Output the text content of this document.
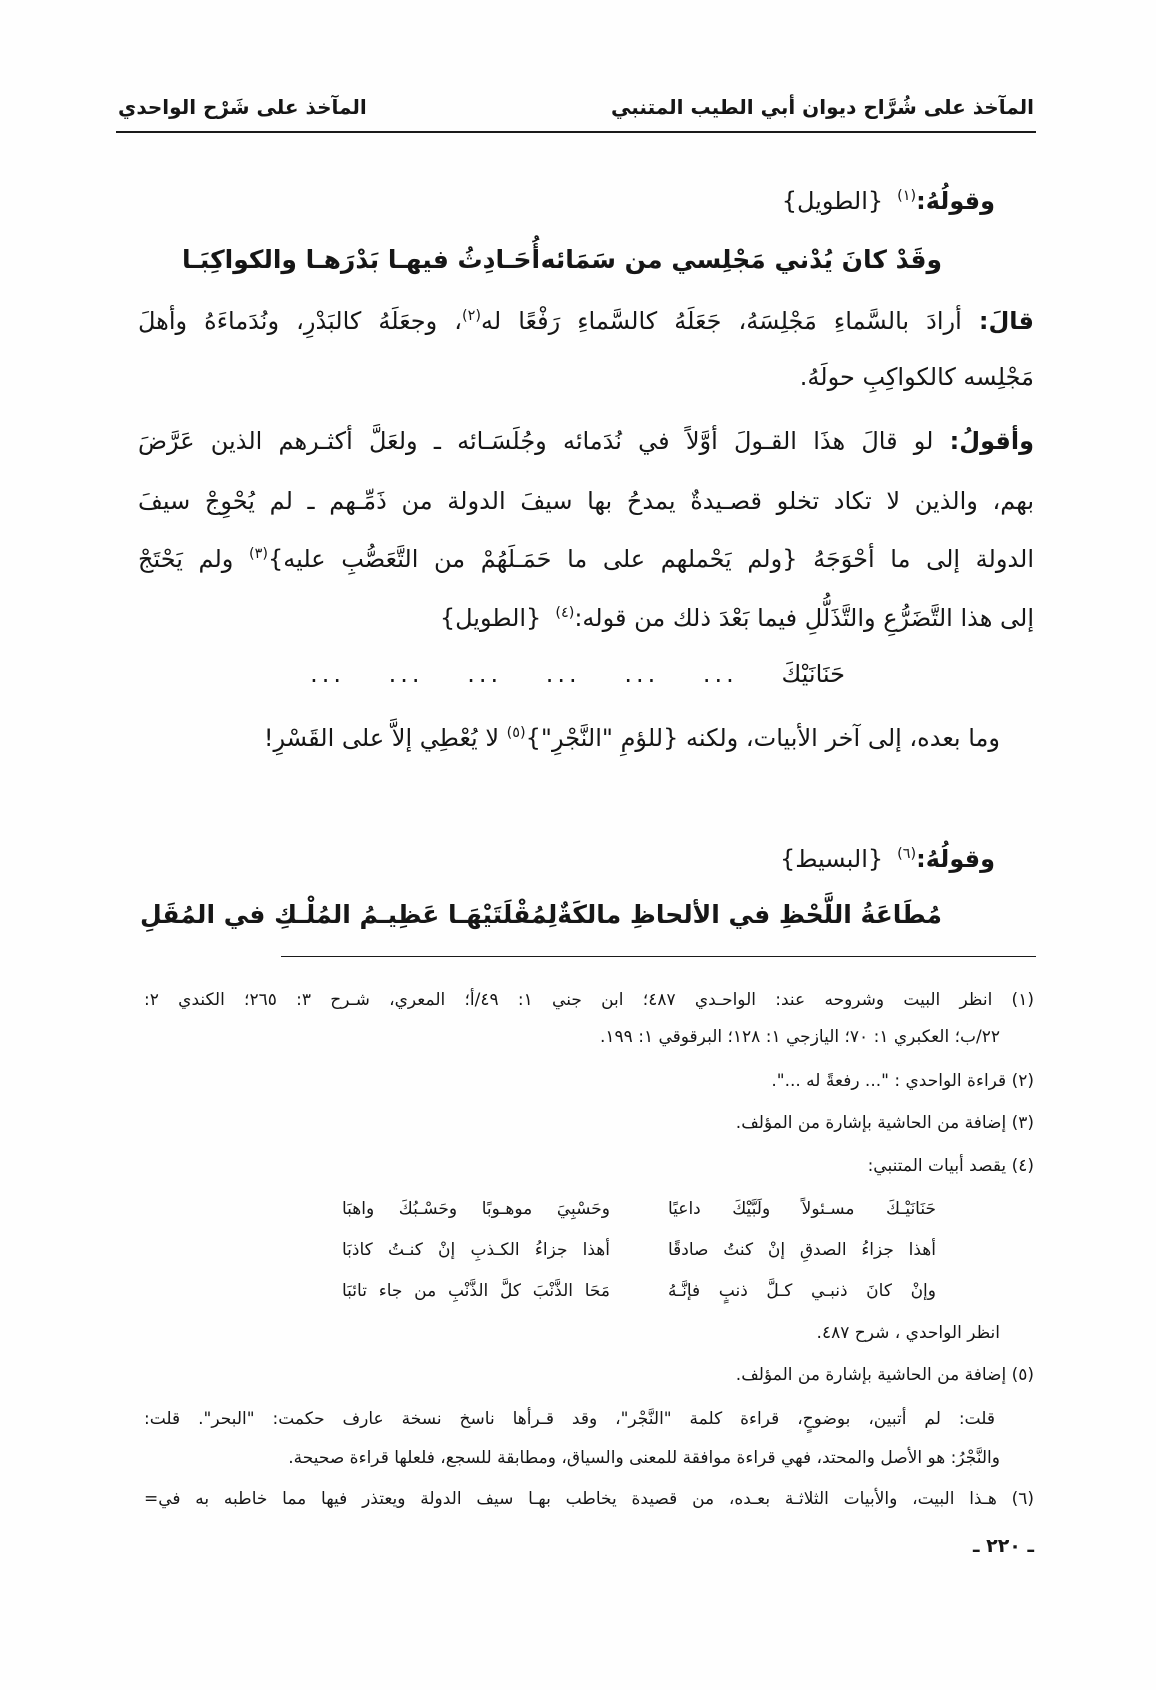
المآخذ على شُرَّاح ديوان أبي الطيب المتنبي
المآخذ على شَرْح الواحدي
وقولُهُ:$^{(١)}${الطويل}
وقَدْ كانَ يُدْني مَجْلِسي من سَمَائه
أُحَـادِثُ فيهـا بَدْرَهـا والكواكِبَـا
قالَ: أرادَ بالسَّماءِ مَجْلِسَهُ، جَعَلَهُ كالسَّماءِ رَفْعًا له$^{(٢)}$، وجعَلَهُ كالبَدْرِ، ونُدَماءَهُ وأهلَ
مَجْلِسه كالكواكِبِ حولَهُ.
وأقولُ: لو قالَ هذَا القـولَ أوَّلاً في نُدَمائه وجُلَسَـائه ـ ولعَلَّ أكثـرهم الذين عَرَّضَ
بهم، والذين لا تكاد تخلو قصـيدةٌ يمدحُ بها سيفَ الدولة من ذَمِّـهم ـ لم يُحْوِجْ سيفَ
الدولة إلى ما أحْوَجَهُ {ولم يَحْملهم على ما حَمَـلَهُمْ من التَّعَصُّبِ عليه}$^{(٣)}$ ولم يَحْتَجْ
إلى هذا التَّضَرُّعِ والتَّذَلُّلِ فيما بَعْدَ ذلك من قوله:$^{(٤)}${الطويل}
حَنَانَيْكَ
...
...
...
...
...
...
وما بعده، إلى آخر الأبيات، ولكنه {للؤمِ "النَّجْرِ"}$^{(٥)}$ لا يُعْطِي إلاَّ على القَسْرِ!
وقولُهُ:$^{(٦)}${البسيط}
مُطَاعَةُ اللَّحْظِ في الألحاظِ مالكَةٌ
لِمُقْلَتَيْهَـا عَظِيـمُ المُلْـكِ في المُقَلِ
(١) انظر البيت وشروحه عند: الواحـدي ٤٨٧؛ ابن جني ١: ٤٩/أ؛ المعري، شـرح ٣: ٢٦٥؛ الكندي ٢:
٢٢/ب؛ العكبري ١: ٧٠؛ اليازجي ١: ١٢٨؛ البرقوقي ١: ١٩٩.
(٢) قراءة الواحدي : "... رفعةً له ...".
(٣) إضافة من الحاشية بإشارة من المؤلف.
(٤) يقصد أبيات المتنبي:
حَنَانَيْـكَ مسـئولاً ولَبَّيْكَ داعيًا
وحَسْبِيَ موهـوبًا وحَسْـبُكَ واهبَا
أهذا جزاءُ الصدقِ إنْ كنتُ صادقًا
أهذا جزاءُ الكـذبِ إنْ كنـتُ كاذبَا
وإنْ كانَ ذنبـي كـلَّ ذنبٍ فإنَّـهُ
مَحَا الذَّنْبَ كلَّ الذَّنْبِ من جاء تائبَا
انظر الواحدي ، شرح ٤٨٧.
(٥) إضافة من الحاشية بإشارة من المؤلف.
قلت: لم أتبين، بوضوحٍ، قراءة كلمة "النَّجْر"، وقد قـرأها ناسخ نسخة عارف حكمت: "البحر". قلت:
والنَّجْرُ: هو الأصل والمحتد، فهي قراءة موافقة للمعنى والسياق، ومطابقة للسجع، فلعلها قراءة صحيحة.
(٦) هـذا البيت، والأبيات الثلاثـة بعـده، من قصيدة يخاطب بهـا سيف الدولة ويعتذر فيها مما خاطبه به في=
ـ ٢٢٠ ـ
